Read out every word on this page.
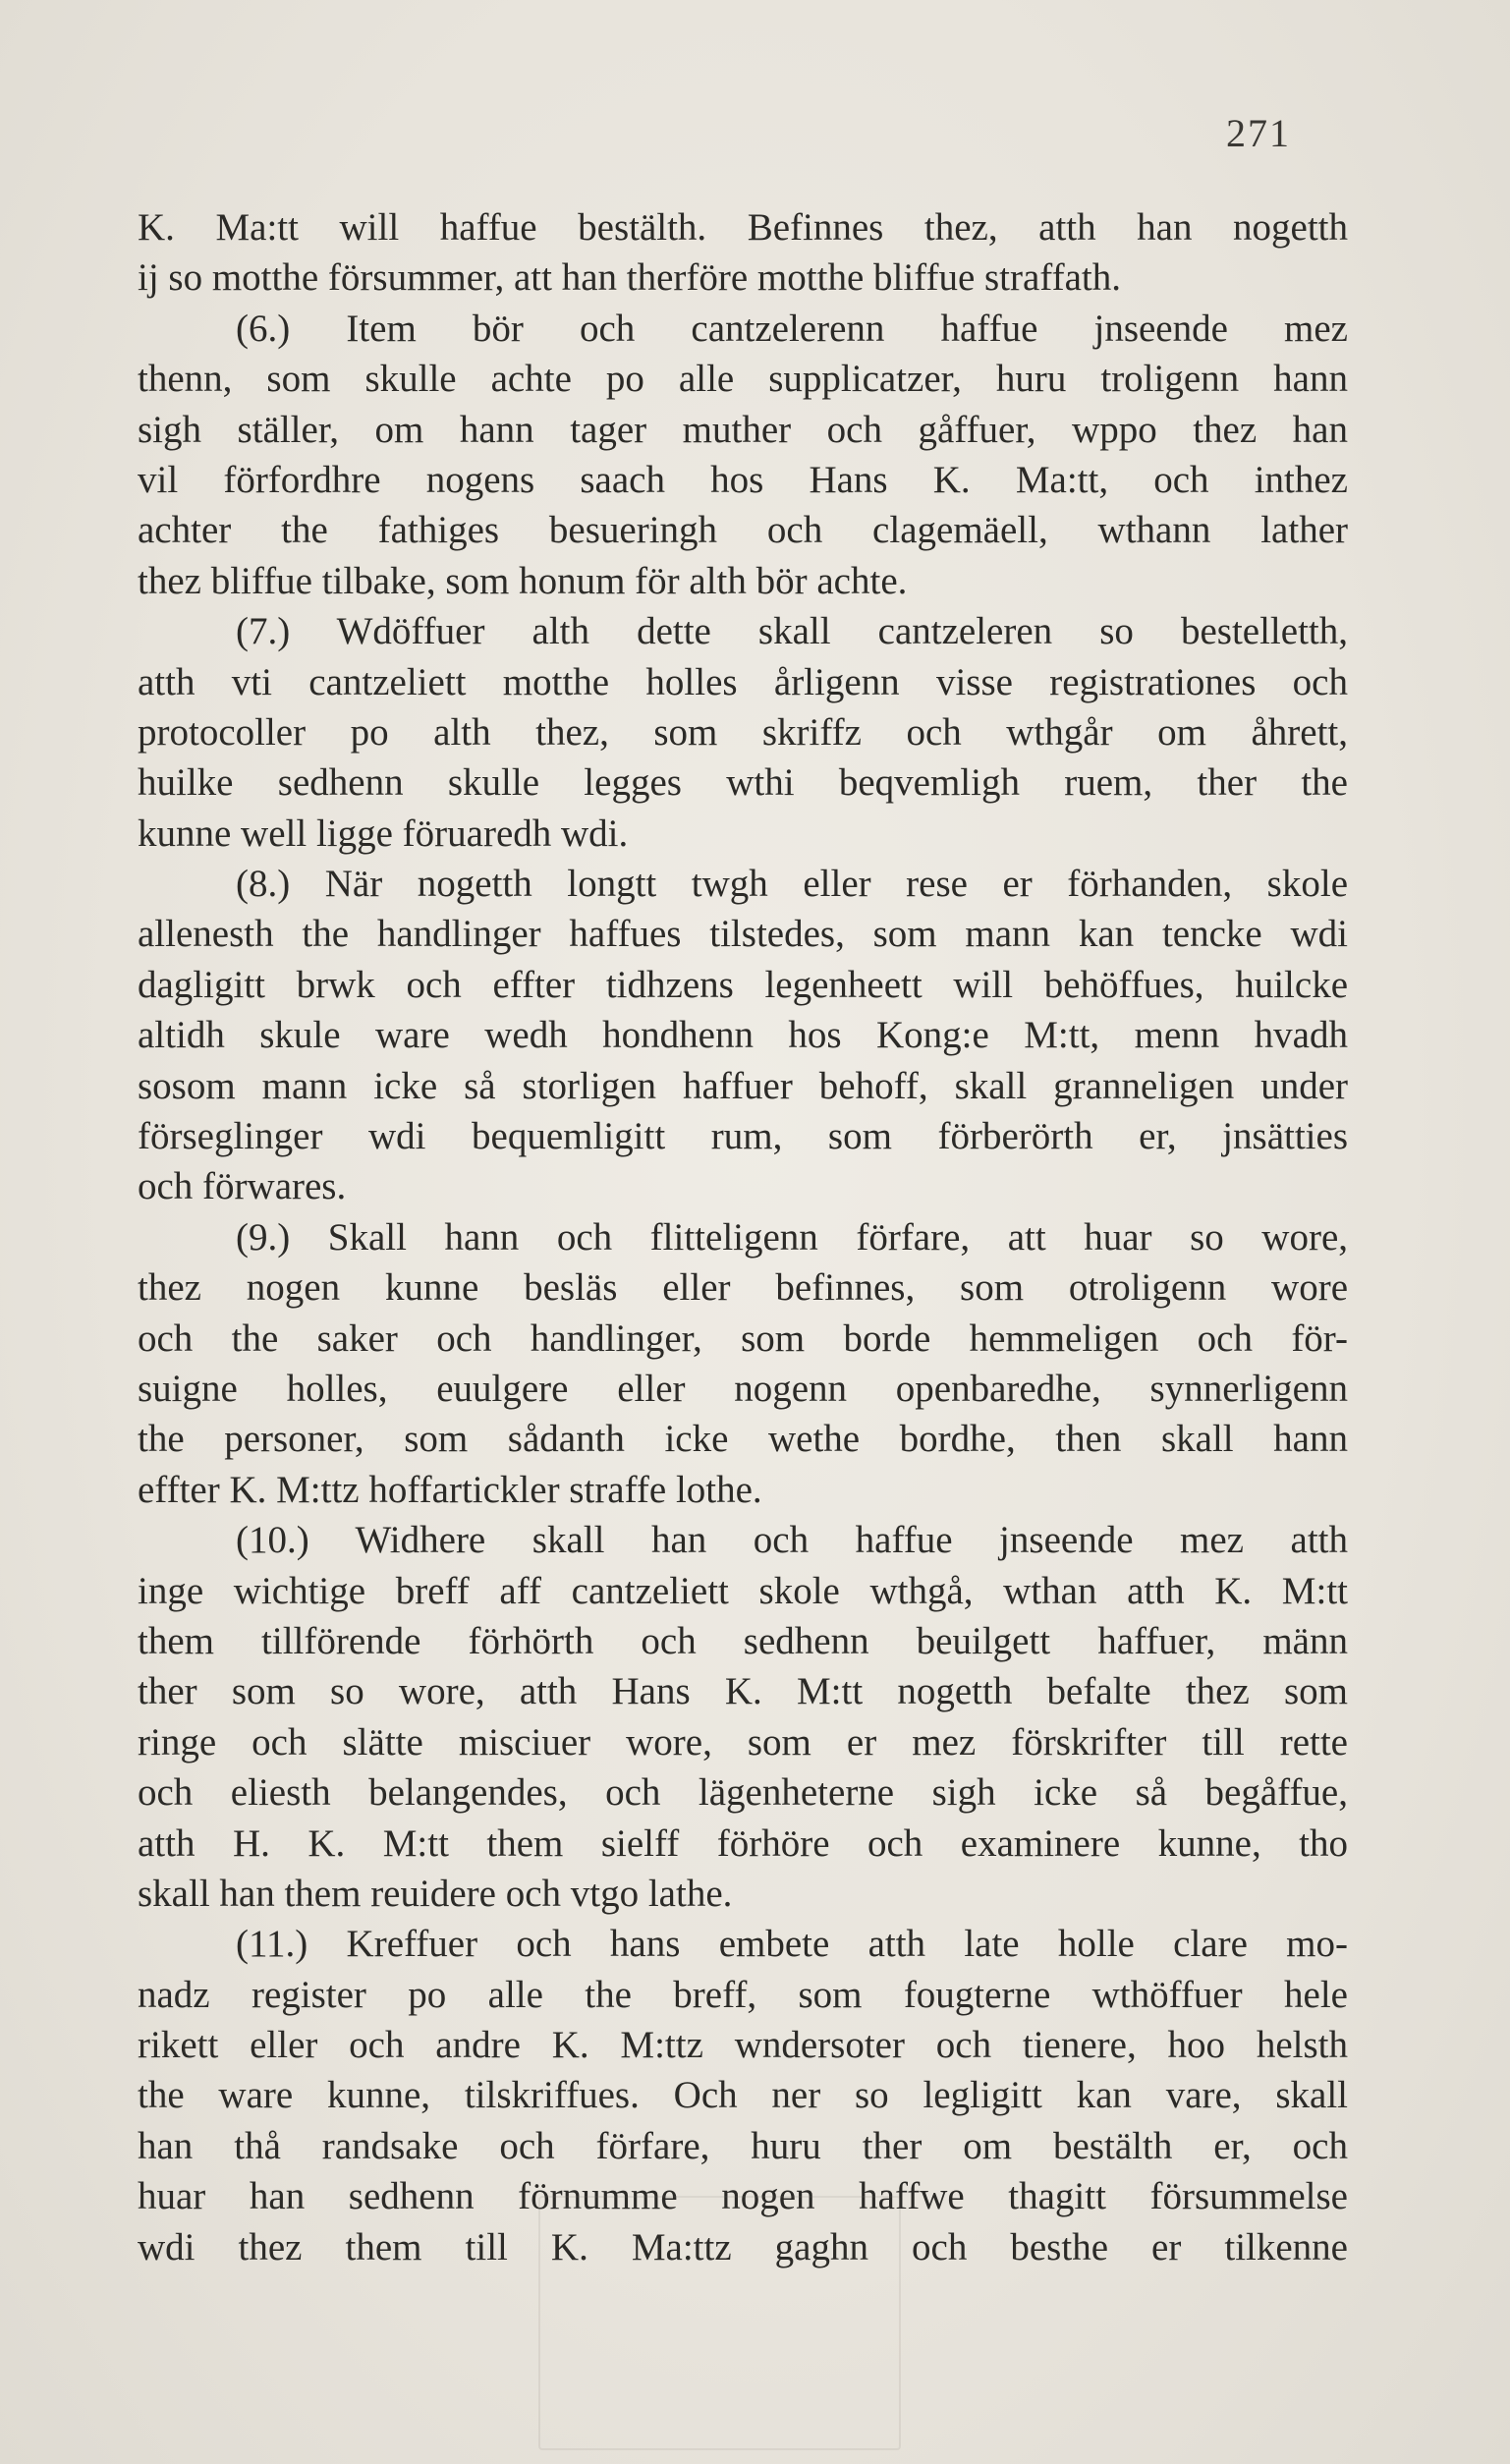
271
K. Ma:tt will haffue bestälth. Befinnes thez, atth han nogetth
ij so motthe försummer, att han therföre motthe bliffue straffath.
(6.) Item bör och cantzelerenn haffue jnseende mez
thenn, som skulle achte po alle supplicatzer, huru troligenn hann
sigh ställer, om hann tager muther och gåffuer, wppo thez han
vil förfordhre nogens saach hos Hans K. Ma:tt, och inthez
achter the fathiges besueringh och clagemäell, wthann lather
thez bliffue tilbake, som honum för alth bör achte.
(7.) Wdöffuer alth dette skall cantzeleren so bestelletth,
atth vti cantzeliett motthe holles årligenn visse registrationes och
protocoller po alth thez, som skriffz och wthgår om åhrett,
huilke sedhenn skulle legges wthi beqvemligh ruem, ther the
kunne well ligge föruaredh wdi.
(8.) När nogetth longtt twgh eller rese er förhanden, skole
allenesth the handlinger haffues tilstedes, som mann kan tencke wdi
dagligitt brwk och effter tidhzens legenheett will behöffues, huilcke
altidh skule ware wedh hondhenn hos Kong:e M:tt, menn hvadh
sosom mann icke så storligen haffuer behoff, skall granneligen under
förseglinger wdi bequemligitt rum, som förberörth er, jnsätties
och förwares.
(9.) Skall hann och flitteligenn förfare, att huar so wore,
thez nogen kunne besläs eller befinnes, som otroligenn wore
och the saker och handlinger, som borde hemmeligen och för-
suigne holles, euulgere eller nogenn openbaredhe, synnerligenn
the personer, som sådanth icke wethe bordhe, then skall hann
effter K. M:ttz hoffartickler straffe lothe.
(10.) Widhere skall han och haffue jnseende mez atth
inge wichtige breff aff cantzeliett skole wthgå, wthan atth K. M:tt
them tillförende förhörth och sedhenn beuilgett haffuer, männ
ther som so wore, atth Hans K. M:tt nogetth befalte thez som
ringe och slätte misciuer wore, som er mez förskrifter till rette
och eliesth belangendes, och lägenheterne sigh icke så begåffue,
atth H. K. M:tt them sielff förhöre och examinere kunne, tho
skall han them reuidere och vtgo lathe.
(11.) Kreffuer och hans embete atth late holle clare mo-
nadz register po alle the breff, som fougterne wthöffuer hele
rikett eller och andre K. M:ttz wndersoter och tienere, hoo helsth
the ware kunne, tilskriffues. Och ner so legligitt kan vare, skall
han thå randsake och förfare, huru ther om bestälth er, och
huar han sedhenn förnumme nogen haffwe thagitt försummelse
wdi thez them till K. Ma:ttz gaghn och besthe er tilkenne
